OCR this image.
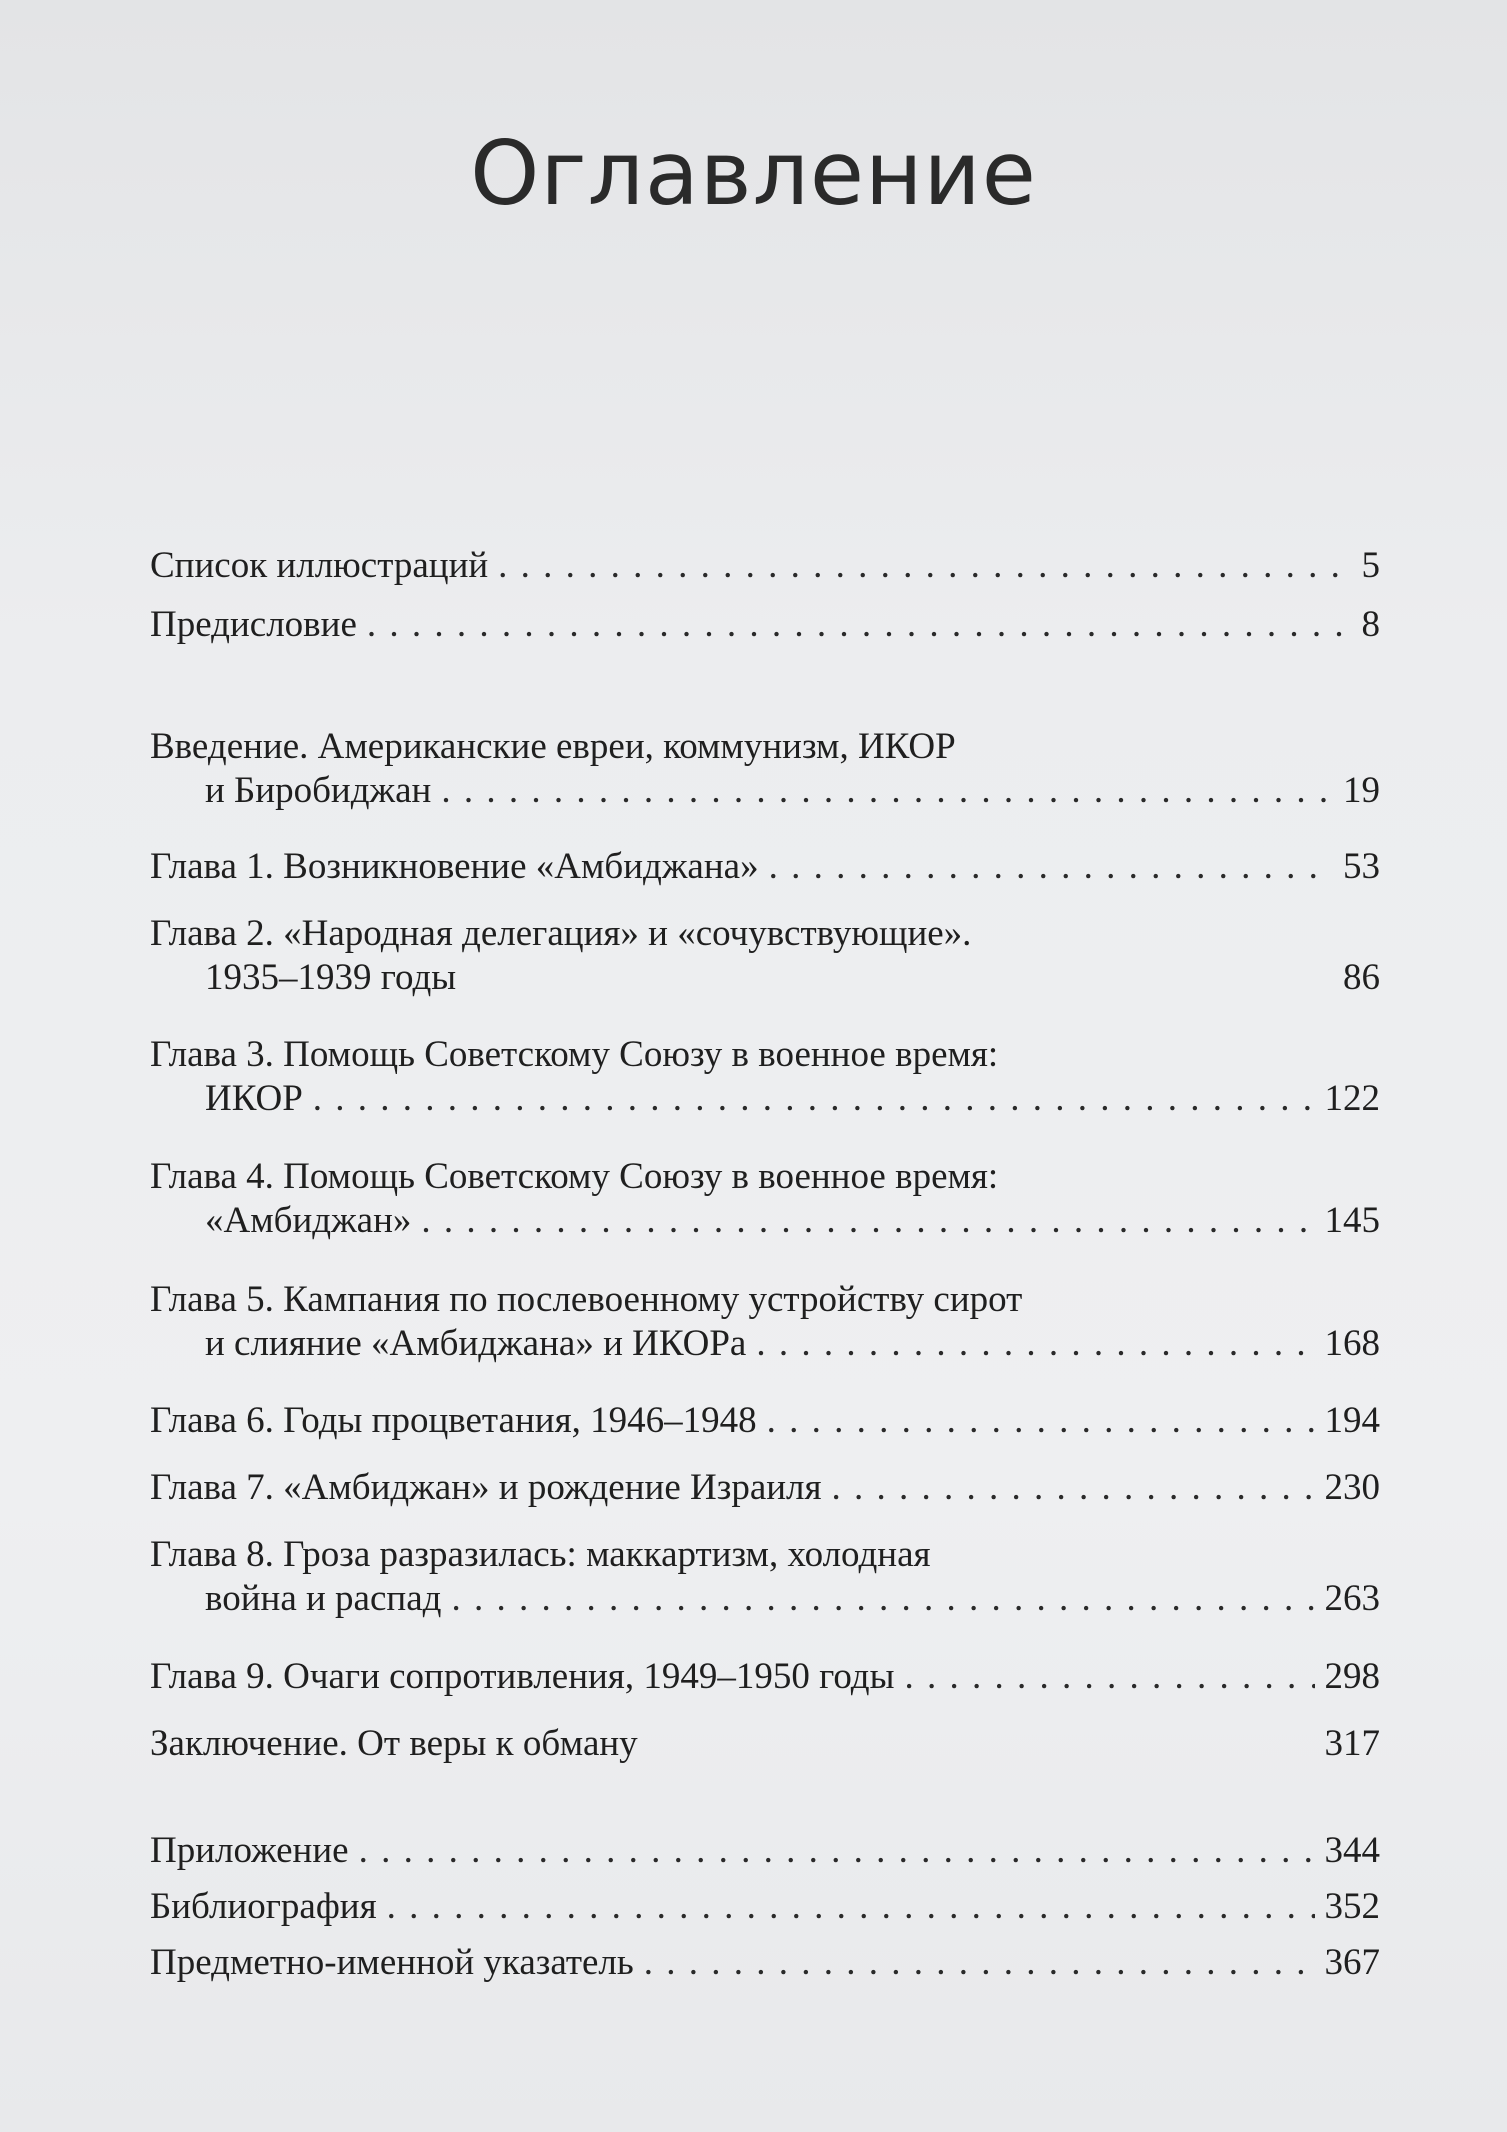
Оглавление
Список иллюстраций . . .	5
Предисловие . . .	8
Введение. Американские евреи, коммунизм, ИКОР
и Биробиджан . . .	19
Глава 1. Возникновение «Амбиджана» . . .	53
Глава 2. «Народная делегация» и «сочувствующие».
1935–1939 годы	86
Глава 3. Помощь Советскому Союзу в военное время:
ИКОР . . .	122
Глава 4. Помощь Советскому Союзу в военное время:
«Амбиджан» . . .	145
Глава 5. Кампания по послевоенному устройству сирот
и слияние «Амбиджана» и ИКОРа . . .	168
Глава 6. Годы процветания, 1946–1948 . . .	194
Глава 7. «Амбиджан» и рождение Израиля . . .	230
Глава 8. Гроза разразилась: маккартизм, холодная
война и распад . . .	263
Глава 9. Очаги сопротивления, 1949–1950 годы . . .	298
Заключение. От веры к обману	317
Приложение . . .	344
Библиография . . .	352
Предметно-именной указатель . . .	367
